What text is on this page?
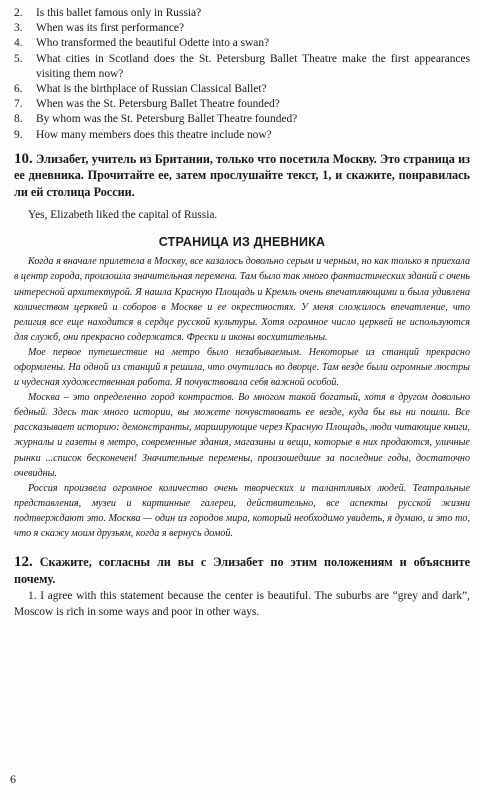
2.	Is this ballet famous only in Russia?
3.	When was its first performance?
4.	Who transformed the beautiful Odette into a swan?
5.	What cities in Scotland does the St. Petersburg Ballet Theatre make the first appearances visiting them now?
6.	What is the birthplace of Russian Classical Ballet?
7.	When was the St. Petersburg Ballet Theatre founded?
8.	By whom was the St. Petersburg Ballet Theatre founded?
9.	How many members does this theatre include now?
10. Элизабет, учитель из Британии, только что посетила Москву. Это страница из ее дневника. Прочитайте ее, затем прослушайте текст, 1, и скажите, понравилась ли ей столица России.
Yes, Elizabeth liked the capital of Russia.
СТРАНИЦА ИЗ ДНЕВНИКА

Когда я вначале прилетела в Москву, все казалось довольно серым и черным, но как только я приехала в центр города, произошла значительная перемена. Там было так много фантастических зданий с очень интересной архитектурой. Я нашла Красную Площадь и Кремль очень впечатляющими и была удивлена количеством церквей и соборов в Москве и ее окрестностях. У меня сложилось впечатление, что религия все еще находится в сердце русской культуры. Хотя огромное число церквей не используются для служб, они прекрасно содержатся. Фрески и иконы восхитительны.

Мое первое путешествие на метро было незабываемым. Некоторые из станций прекрасно оформлены. На одной из станций я решила, что очутилась во дворце. Там везде были огромные люстры и чудесная художественная работа. Я почувствовала себя важной особой.

Москва – это определенно город контрастов. Во многом такой богатый, хотя в другом довольно бедный. Здесь так много истории, вы можете почувствовать ее везде, куда бы вы ни пошли. Все рассказывает историю: демонстранты, марширующие через Красную Площадь, люди читающие книги, журналы и газеты в метро, современные здания, магазины и вещи, которые в них продаются, уличные рынки ...список бесконечен! Значительные перемены, произошедшие за последние годы, достаточно очевидны.

Россия произвела огромное количество очень творческих и талантливых людей. Театральные представления, музеи и картинные галереи, действительно, все аспекты русской жизни подтверждают это. Москва — один из городов мира, который необходимо увидеть, я думаю, и это то, что я скажу моим друзьям, когда я вернусь домой.

12. Скажите, согласны ли вы с Элизабет по этим положениям и объясните почему.
1. I agree with this statement because the center is beautiful. The suburbs are “grey and dark”, Moscow is rich in some ways and poor in other ways.
6
